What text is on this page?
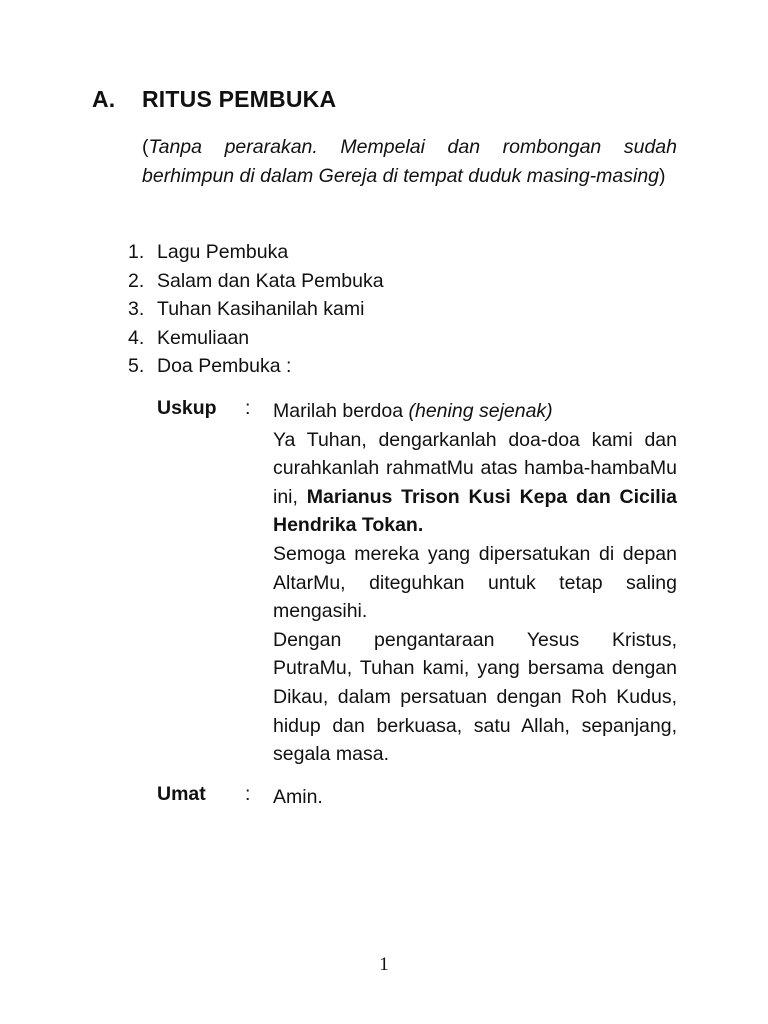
A. RITUS PEMBUKA
(Tanpa perarakan. Mempelai dan rombongan sudah berhimpun di dalam Gereja di tempat duduk masing-masing)
1. Lagu Pembuka
2. Salam dan Kata Pembuka
3. Tuhan Kasihanilah kami
4. Kemuliaan
5. Doa Pembuka :
Uskup : Marilah berdoa (hening sejenak)

Ya Tuhan, dengarkanlah doa-doa kami dan curahkanlah rahmatMu atas hamba-hambaMu ini, Marianus Trison Kusi Kepa dan Cicilia Hendrika Tokan.

Semoga mereka yang dipersatukan di depan AltarMu, diteguhkan untuk tetap saling mengasihi.

Dengan pengantaraan Yesus Kristus, PutraMu, Tuhan kami, yang bersama dengan Dikau, dalam persatuan dengan Roh Kudus, hidup dan berkuasa, satu Allah, sepanjang, segala masa.

Umat : Amin.
1
